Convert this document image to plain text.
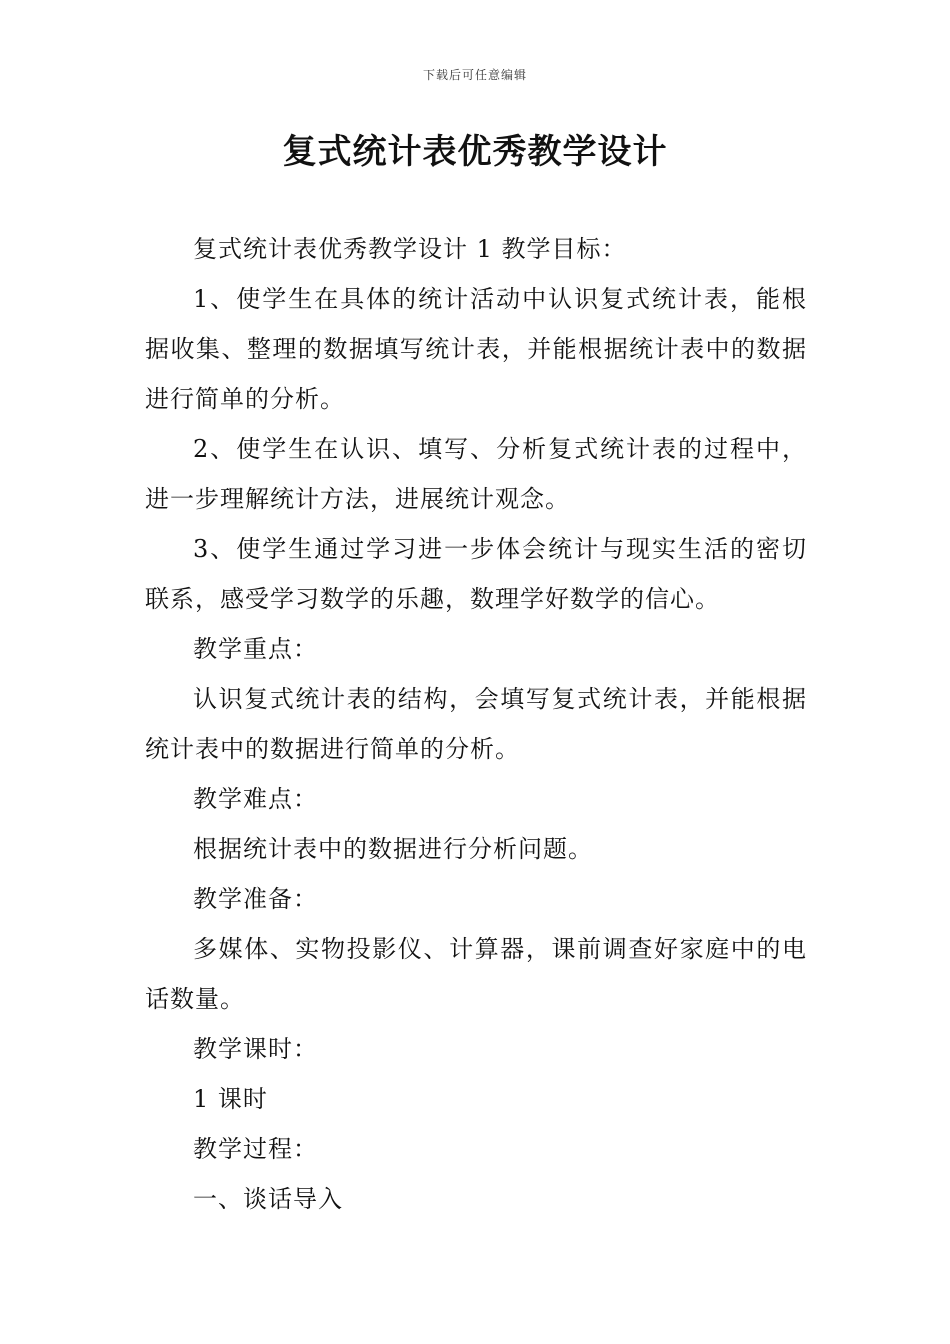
下载后可任意编辑
复式统计表优秀教学设计

复式统计表优秀教学设计 1 教学目标：

1、使学生在具体的统计活动中认识复式统计表，能根据收集、整理的数据填写统计表，并能根据统计表中的数据进行简单的分析。

2、使学生在认识、填写、分析复式统计表的过程中，进一步理解统计方法，进展统计观念。

3、使学生通过学习进一步体会统计与现实生活的密切联系，感受学习数学的乐趣，数理学好数学的信心。

教学重点：

认识复式统计表的结构，会填写复式统计表，并能根据统计表中的数据进行简单的分析。

教学难点：

根据统计表中的数据进行分析问题。

教学准备：

多媒体、实物投影仪、计算器，课前调查好家庭中的电话数量。

教学课时：

1 课时

教学过程：

一、谈话导入
